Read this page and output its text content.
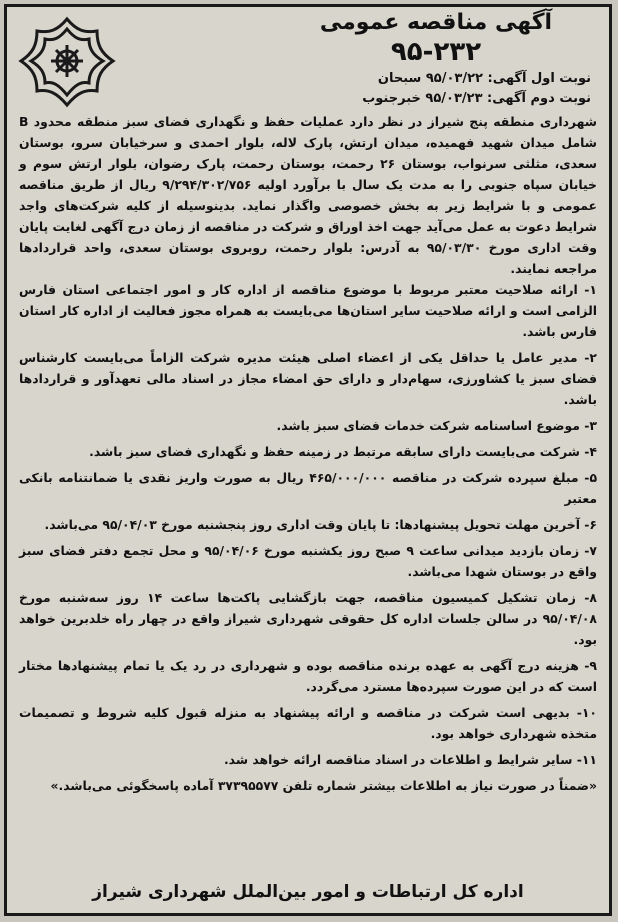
آگهی مناقصه عمومی
۹۵-۲۳۲
نوبت اول آگهی: ۹۵/۰۳/۲۲ سبحان
نوبت دوم آگهی: ۹۵/۰۳/۲۳ خبرجنوب

شهرداری منطقه پنج شیراز در نظر دارد عملیات حفظ و نگهداری فضای سبز منطقه محدود B شامل میدان شهید فهمیده، میدان ارتش، پارک لاله، بلوار احمدی و سرخیابان سرو، بوستان سعدی، مثلثی سرنواب، بوستان ۲۶ رحمت، بوستان رحمت، پارک رضوان، بلوار ارتش سوم و خیابان سپاه جنوبی را به مدت یک سال با برآورد اولیه ۹/۲۹۴/۳۰۲/۷۵۶ ریال از طریق مناقصه عمومی و با شرایط زیر به بخش خصوصی واگذار نماید. بدینوسیله از کلیه شرکت‌های واجد شرایط دعوت به عمل می‌آید جهت اخذ اوراق و شرکت در مناقصه از زمان درج آگهی لغایت پایان وقت اداری مورخ ۹۵/۰۳/۳۰ به آدرس: بلوار رحمت، روبروی بوستان سعدی، واحد قراردادها مراجعه نمایند.

۱- ارائه صلاحیت معتبر مربوط با موضوع مناقصه از اداره کار و امور اجتماعی استان فارس الزامی است و ارائه صلاحیت سایر استان‌ها می‌بایست به همراه مجوز فعالیت از اداره کار استان فارس باشد.

۲- مدیر عامل یا حداقل یکی از اعضاء اصلی هیئت مدیره شرکت الزاماً می‌بایست کارشناس فضای سبز یا کشاورزی، سهام‌دار و دارای حق امضاء مجاز در اسناد مالی تعهدآور و قراردادها باشد.

۳- موضوع اساسنامه شرکت خدمات فضای سبز باشد.

۴- شرکت می‌بایست دارای سابقه مرتبط در زمینه حفظ و نگهداری فضای سبز باشد.

۵- مبلغ سپرده شرکت در مناقصه ۴۶۵/۰۰۰/۰۰۰ ریال به صورت واریز نقدی یا ضمانتنامه بانکی معتبر

۶- آخرین مهلت تحویل پیشنهادها: تا پایان وقت اداری روز پنجشنبه مورخ ۹۵/۰۴/۰۳ می‌باشد.

۷- زمان بازدید میدانی ساعت ۹ صبح روز یکشنبه مورخ ۹۵/۰۴/۰۶ و محل تجمع دفتر فضای سبز واقع در بوستان شهدا می‌باشد.

۸- زمان تشکیل کمیسیون مناقصه، جهت بازگشایی پاکت‌ها ساعت ۱۴ روز سه‌شنبه مورخ ۹۵/۰۴/۰۸ در سالن جلسات اداره کل حقوقی شهرداری شیراز واقع در چهار راه خلدبرین خواهد بود.

۹- هزینه درج آگهی به عهده برنده مناقصه بوده و شهرداری در رد یک یا تمام پیشنهادها مختار است که در این صورت سپرده‌ها مسترد می‌گردد.

۱۰- بدیهی است شرکت در مناقصه و ارائه پیشنهاد به منزله قبول کلیه شروط و تصمیمات متخذه شهرداری خواهد بود.

۱۱- سایر شرایط و اطلاعات در اسناد مناقصه ارائه خواهد شد.

«ضمناً در صورت نیاز به اطلاعات بیشتر شماره تلفن ۳۷۳۹۵۵۷۷ آماده پاسخگوئی می‌باشد.»

اداره کل ارتباطات و امور بین‌الملل شهرداری شیراز
